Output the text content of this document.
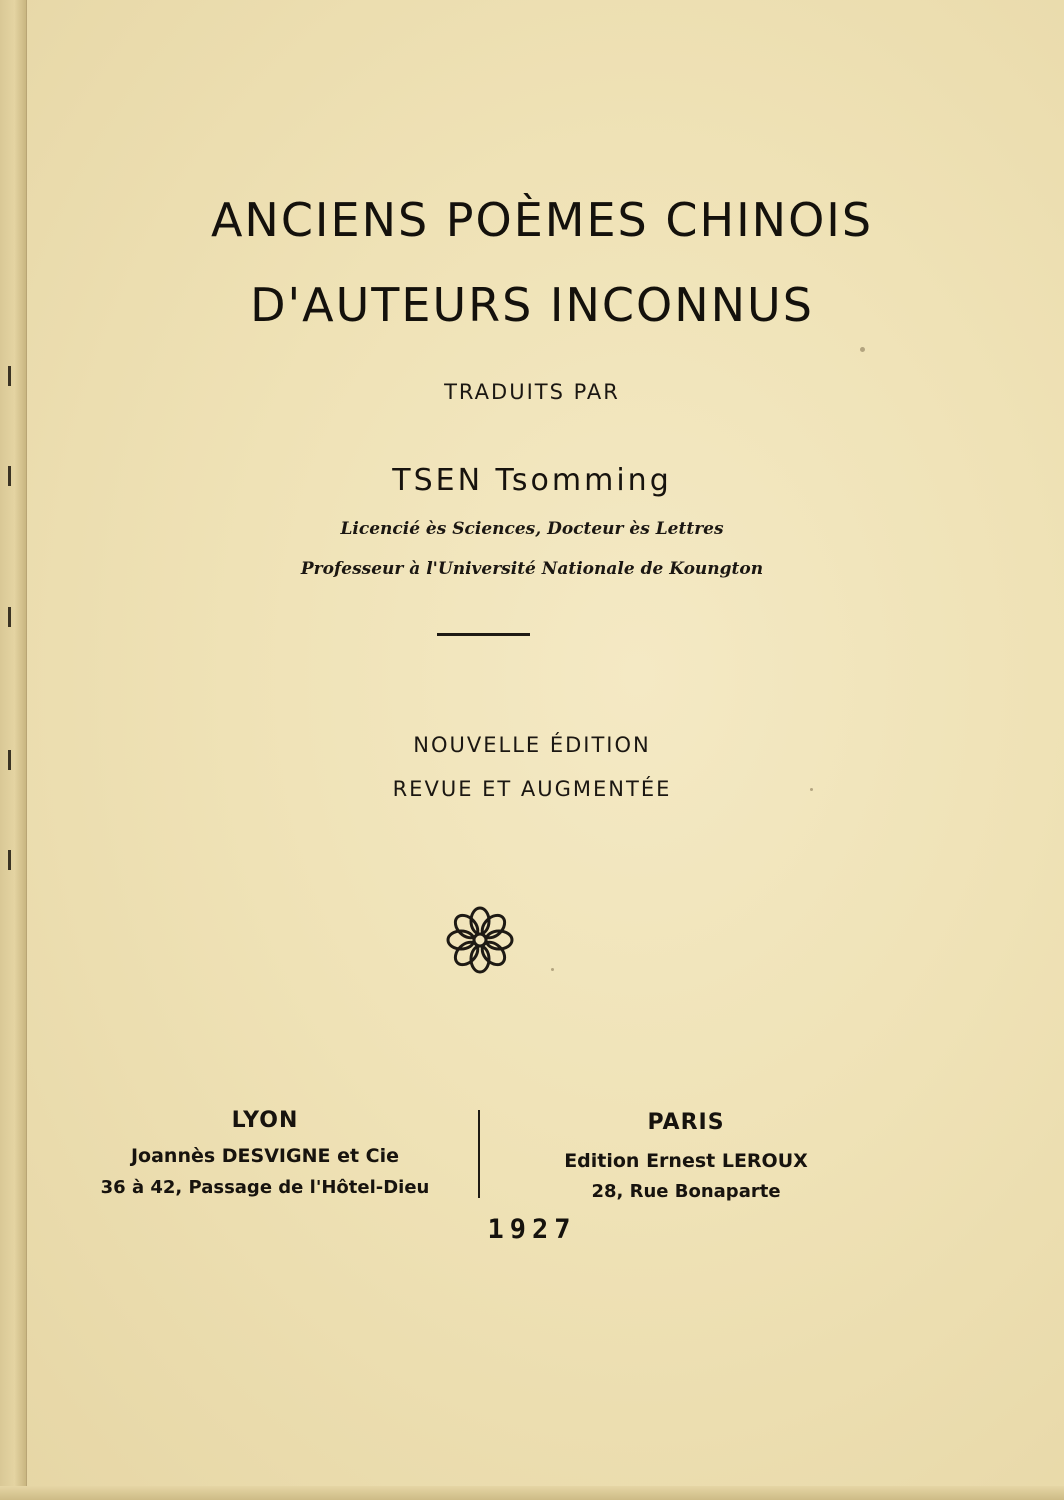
ANCIENS POÈMES CHINOIS
D'AUTEURS INCONNUS
TRADUITS PAR
TSEN Tsomming
Licencié ès Sciences, Docteur ès Lettres
Professeur à l'Université Nationale de Koungton
NOUVELLE ÉDITION
REVUE ET AUGMENTÉE
LYON
Joannès DESVIGNE et Cie
36 à 42, Passage de l'Hôtel-Dieu
PARIS
Edition Ernest LEROUX
28, Rue Bonaparte
1927
